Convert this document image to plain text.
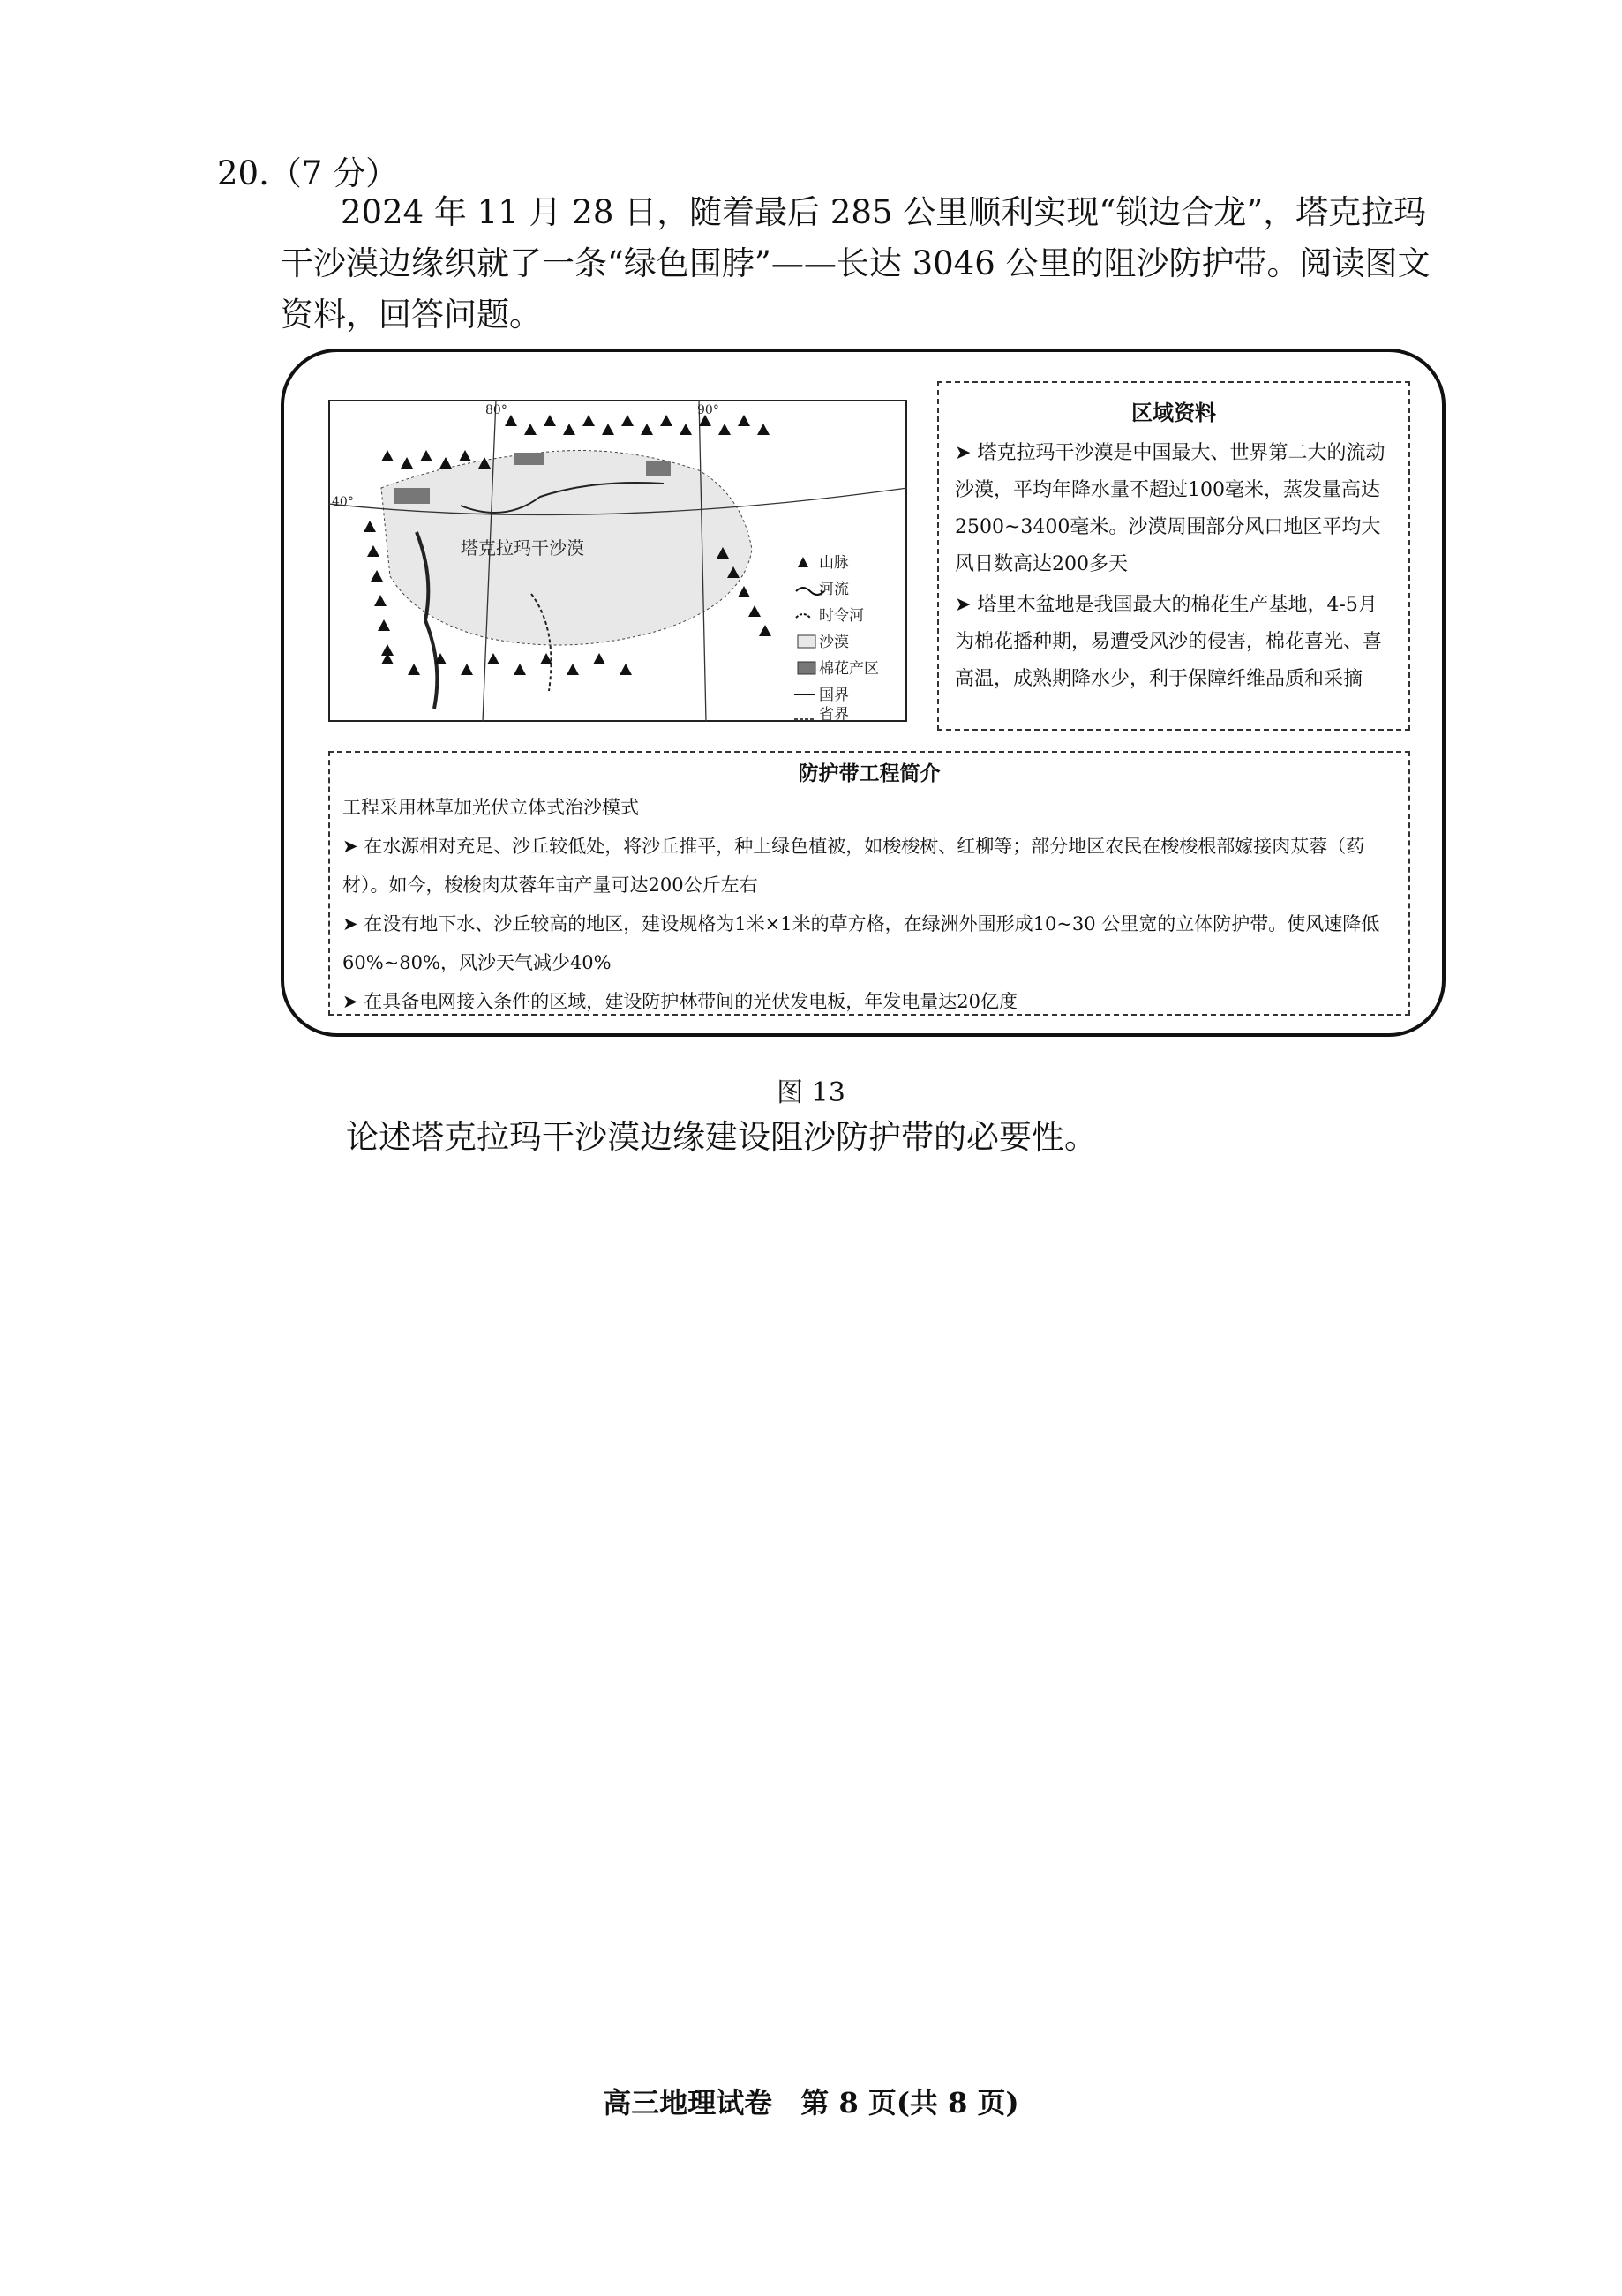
20.（7 分）
2024 年 11 月 28 日，随着最后 285 公里顺利实现“锁边合龙”，塔克拉玛干沙漠边缘织就了一条“绿色围脖”——长达 3046 公里的阻沙防护带。阅读图文资料，回答问题。
80°	90°
40°
塔克拉玛干沙漠
山脉
河流
时令河
沙漠
棉花产区
国界
省界
区域资料

➤ 塔克拉玛干沙漠是中国最大、世界第二大的流动沙漠，平均年降水量不超过100毫米，蒸发量高达2500~3400毫米。沙漠周围部分风口地区平均大风日数高达200多天

➤ 塔里木盆地是我国最大的棉花生产基地，4-5月为棉花播种期，易遭受风沙的侵害，棉花喜光、喜高温，成熟期降水少，利于保障纤维品质和采摘

防护带工程简介

工程采用林草加光伏立体式治沙模式

➤ 在水源相对充足、沙丘较低处，将沙丘推平，种上绿色植被，如梭梭树、红柳等；部分地区农民在梭梭根部嫁接肉苁蓉（药材）。如今，梭梭肉苁蓉年亩产量可达200公斤左右

➤ 在没有地下水、沙丘较高的地区，建设规格为1米×1米的草方格，在绿洲外围形成10~30 公里宽的立体防护带。使风速降低60%~80%，风沙天气减少40%

➤ 在具备电网接入条件的区域，建设防护林带间的光伏发电板，年发电量达20亿度

图 13
论述塔克拉玛干沙漠边缘建设阻沙防护带的必要性。
高三地理试卷　第 8 页(共 8 页)
